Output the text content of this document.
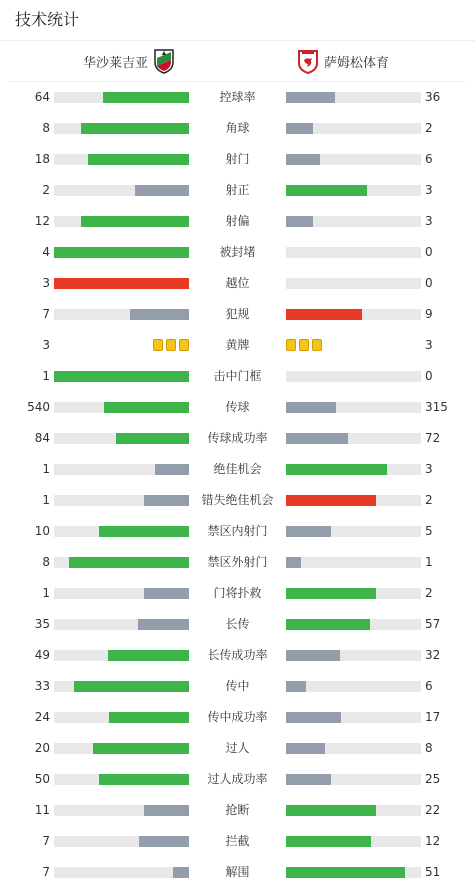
技术统计
华沙莱吉亚	萨姆松体育
64	控球率	36
8	角球	2
18	射门	6
2	射正	3
12	射偏	3
4	被封堵	0
3	越位	0
7	犯规	9
3	黄牌	3
1	击中门框	0
540	传球	315
84	传球成功率	72
1	绝佳机会	3
1	错失绝佳机会	2
10	禁区内射门	5
8	禁区外射门	1
1	门将扑救	2
35	长传	57
49	长传成功率	32
33	传中	6
24	传中成功率	17
20	过人	8
50	过人成功率	25
11	抢断	22
7	拦截	12
7	解围	51
